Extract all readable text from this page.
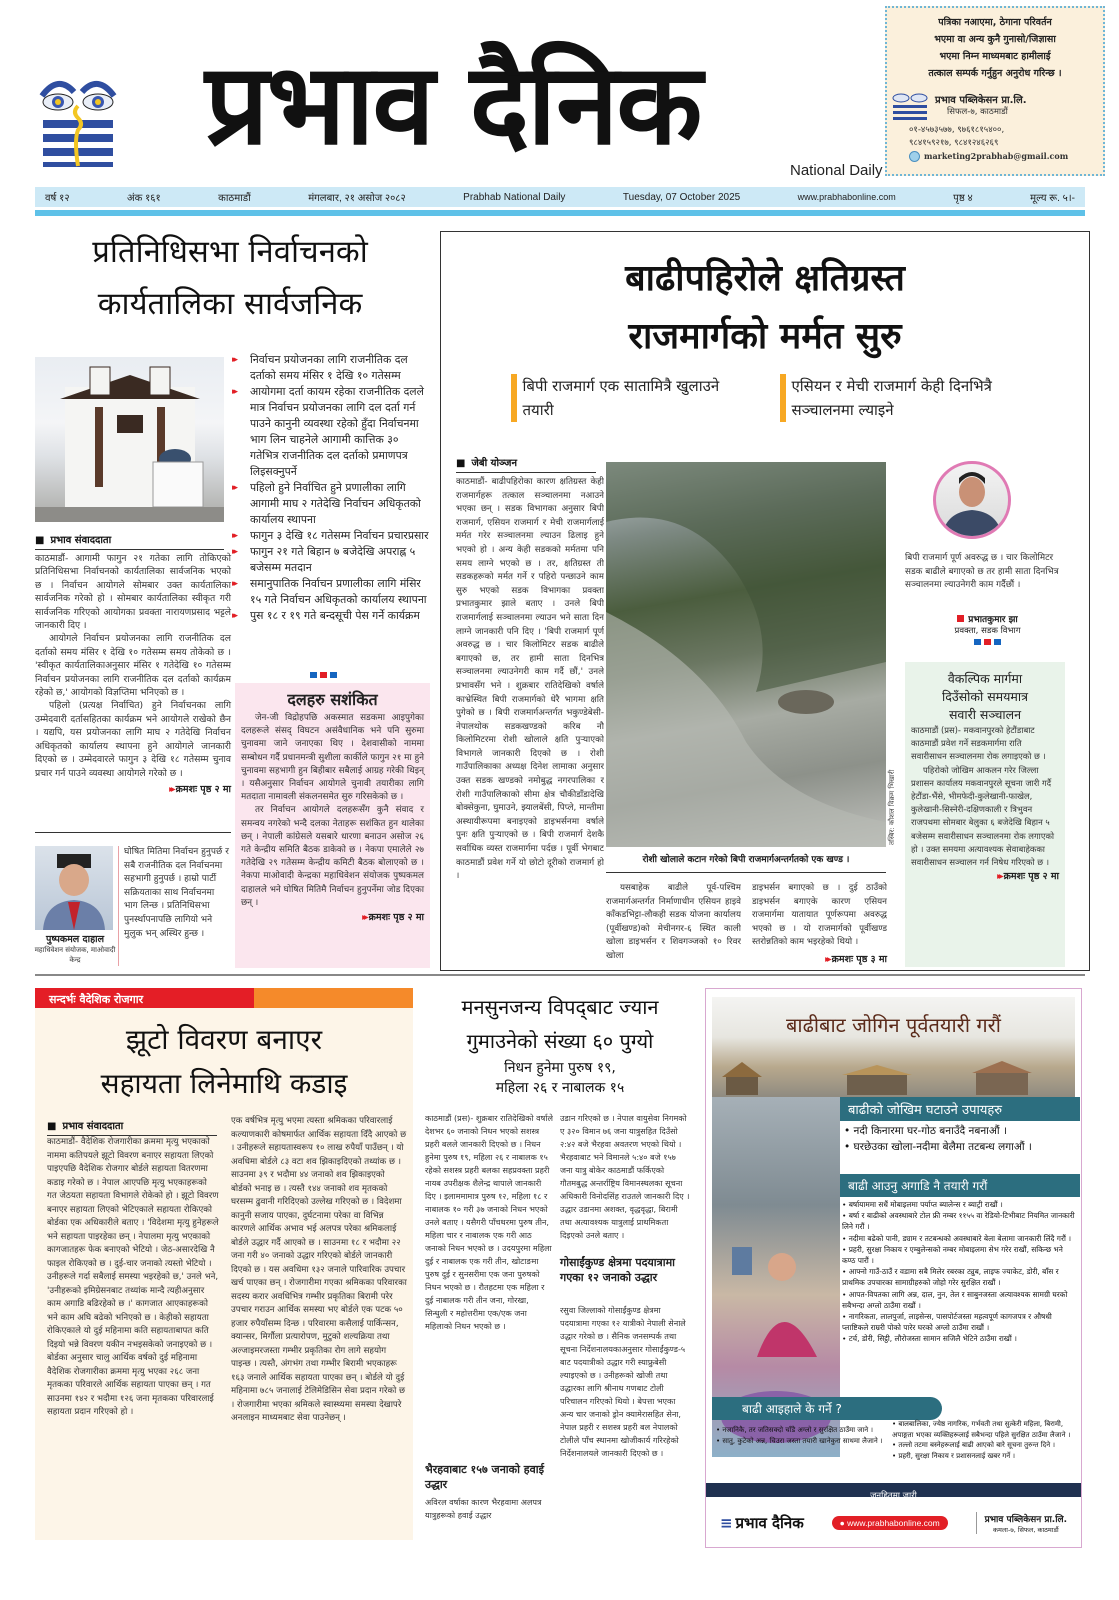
प्रभाव दैनिक
National Daily
पत्रिका नआएमा, ठेगाना परिवर्तन
भएमा वा अन्य कुनै गुनासो/जिज्ञासा
भएमा निम्न माध्यमबाट हामीलाई
तत्काल सम्पर्क गर्नुहुन अनुरोध गरिन्छ ।
प्रभाव पब्लिकेसन प्रा.लि.
सिफल-७, काठमाडौं
०१-४५७३५७७, ९७६१८१५४००,
९८४१५९२१७, ९८४१२४६२६९
marketing2prabhab@gmail.com
वर्ष १२	अंक १६१	काठमाडौं	मंगलबार, २१ असोज २०८२	Prabhab National Daily	Tuesday, 07 October 2025	www.prabhabonline.com	पृष्ठ ४	मूल्य रू. ५।-
प्रतिनिधिसभा निर्वाचनको
कार्यतालिका सार्वजनिक
▸▸ निर्वाचन प्रयोजनका लागि राजनीतिक दल दर्ताको समय मंसिर १ देखि १० गतेसम्म
▸▸ आयोगमा दर्ता कायम रहेका राजनीतिक दलले मात्र निर्वाचन प्रयोजनका लागि दल दर्ता गर्न पाउने कानुनी व्यवस्था रहेको हुँदा निर्वाचनमा भाग लिन चाहनेले आगामी कात्तिक ३० गतेभित्र राजनीतिक दल दर्ताको प्रमाणपत्र लिइसक्नुपर्ने
▸▸ पहिलो हुने निर्वाचित हुने प्रणालीका लागि आगामी माघ २ गतेदेखि निर्वाचन अधिकृतको कार्यालय स्थापना
▸▸ फागुन ३ देखि १८ गतेसम्म निर्वाचन प्रचारप्रसार
▸▸ फागुन २१ गते बिहान ७ बजेदेखि अपराह्न ५ बजेसम्म मतदान
▸▸ समानुपातिक निर्वाचन प्रणालीका लागि मंसिर १५ गते निर्वाचन अधिकृतको कार्यालय स्थापना
▸▸ पुस १८ र १९ गते बन्दसूची पेस गर्ने कार्यक्रम
■ प्रभाव संवाददाता

काठमाडौं- आगामी फागुन २१ गतेका लागि तोकिएको प्रतिनिधिसभा निर्वाचनको कार्यतालिका सार्वजनिक भएको छ । निर्वाचन आयोगले सोमबार उक्त कार्यतालिका सार्वजनिक गरेको हो । सोमबार कार्यतालिका स्वीकृत गरी सार्वजनिक गरिएको आयोगका प्रवक्ता नारायणप्रसाद भट्टले जानकारी दिए ।

आयोगले निर्वाचन प्रयोजनका लागि राजनीतिक दल दर्ताको समय मंसिर १ देखि १० गतेसम्म समय तोकेको छ । 'स्वीकृत कार्यतालिकाअनुसार मंसिर १ गतेदेखि १० गतेसम्म निर्वाचन प्रयोजनका लागि राजनीतिक दल दर्ताको कार्यक्रम रहेको छ,' आयोगको विज्ञप्तिमा भनिएको छ ।

पहिलो (प्रत्यक्ष निर्वाचित) हुने निर्वाचनका लागि उम्मेदवारी दर्तासहितका कार्यक्रम भने आयोगले राखेको छैन । यद्यपि, यस प्रयोजनका लागि माघ २ गतेदेखि निर्वाचन अधिकृतको कार्यालय स्थापना हुने आयोगले जानकारी दिएको छ । उम्मेदवारले फागुन ३ देखि १८ गतेसम्म चुनाव प्रचार गर्न पाउने व्यवस्था आयोगले गरेको छ ।

▸▸ क्रमशः पृष्ठ २ मा
पुष्पकमल दाहाल
महाधिवेशन संयोजक, माओवादी केन्द्र

घोषित मितिमा निर्वाचन हुनुपर्छ र सबै राजनीतिक दल निर्वाचनमा सहभागी हुनुपर्छ । हाम्रो पार्टी सक्रियताका साथ निर्वाचनमा भाग लिन्छ । प्रतिनिधिसभा पुनर्स्थापनापछि लागियो भने मुलुक भन् अस्थिर हुन्छ ।

दलहरु सशंकित

जेन-जी विद्रोहपछि अकस्मात सडकमा आइपुगेका दलहरूले संसद् विघटन असंवैधानिक भने पनि सुरुमा चुनावमा जाने जनाएका थिए । देशवासीको नाममा सम्बोधन गर्दै प्रधानमन्त्री सुशीला कार्कीले फागुन २१ मा हुने चुनावमा सहभागी हुन बिहीबार सबैलाई आग्रह गरेकी थिइन् । यसैअनुसार निर्वाचन आयोगले चुनावी तयारीका लागि मतदाता नामावली संकलनसमेत सुरु गरिसकेको छ ।

तर निर्वाचन आयोगले दलहरूसँग कुनै संवाद र समन्वय नगरेको भन्दै दलका नेताहरू सशंकित हुन थालेका छन् । नेपाली कांग्रेसले यसबारे धारणा बनाउन असोज २६ गते केन्द्रीय समिति बैठक डाकेको छ । नेकपा एमालेले २७ गतेदेखि २९ गतेसम्म केन्द्रीय कमिटी बैठक बोलाएको छ । नेकपा माओवादी केन्द्रका महाधिवेशन संयोजक पुष्पकमल दाहालले भने घोषित मितिमै निर्वाचन हुनुपर्नेमा जोड दिएका छन् ।

▸▸ क्रमशः पृष्ठ २ मा
बाढीपहिरोले क्षतिग्रस्त
राजमार्गको मर्मत सुरु
बिपी राजमार्ग एक सातामित्रै खुलाउने तयारी
एसियन र मेची राजमार्ग केही दिनभित्रै सञ्चालनमा ल्याइने
■ जेबी योञ्जन

काठमाडौं- बाढीपहिरोका कारण क्षतिग्रस्त केही राजमार्गहरू तत्काल सञ्चालनमा नआउने भएका छन् । सडक विभागका अनुसार बिपी राजमार्ग, एसियन राजमार्ग र मेची राजमार्गलाई मर्मत गरेर सञ्चालनमा ल्याउन ढिलाइ हुने भएको हो । अन्य केही सडकको मर्मतमा पनि समय लाग्ने भएको छ । तर, क्षतिग्रस्त ती सडकहरूको मर्मत गर्ने र पहिरो पन्छाउने काम सुरु भएको सडक विभागका प्रवक्ता प्रभातकुमार झाले बताए । उनले बिपी राजमार्गलाई सञ्चालनमा ल्याउन भने साता दिन लाग्ने जानकारी पनि दिए । 'बिपी राजमार्ग पूर्ण अवरुद्ध छ । चार किलोमिटर सडक बाढीले बगाएको छ, तर हामी साता दिनभित्र सञ्चालनमा ल्याउनेगरी काम गर्दै छौं,' उनले प्रभावसँग भने । शुक्रबार रातिदेखिको वर्षाले काभ्रेस्थित बिपी राजमार्गको धेरै भागमा क्षति पुगेको छ । बिपी राजमार्गअन्तर्गत भकुण्डेबेसी-नेपालथोक सडकखण्डको करिब नौ किलोमिटरमा रोशी खोलाले क्षति पुर्‍याएको विभागले जानकारी दिएको छ । रोशी गाउँपालिकाका अध्यक्ष दिनेश लामाका अनुसार उक्त सडक खण्डको नमोबुद्ध नगरपालिका र रोशी गाउँपालिकाको सीमा क्षेत्र चौकीडाँडादेखि बोक्सेकुना, घुमाउने, झ्यालबेंसी, पिप्ले, मान्तीमा अस्थायीरूपमा बनाइएको डाइभर्सनमा वर्षाले पुनः क्षति पुर्‍याएको छ । बिपी राजमार्ग देशकै सर्वाधिक व्यस्त राजमार्गमा पर्दछ । पूर्वी भेगबाट काठमाडौं प्रवेश गर्ने यो छोटो दूरीको राजमार्ग हो ।

तस्बिर: कौशल विक्रम भिखारी
रोशी खोलाले कटान गरेको बिपी राजमार्गअन्तर्गतको एक खण्ड ।

यसबाहेक बाढीले पूर्व-पश्चिम राजमार्गअन्तर्गत निर्माणाधीन एसियन हाइवे काँकडभिट्टा-लौकही सडक योजना कार्यालय (पूर्वीखण्ड)को मेचीनगर-६ स्थित काली खोला डाइभर्सन र शिवगञ्जको १० रिवर खोला

डाइभर्सन बगाएको छ । दुई ठाउँको डाइभर्सन बगाएके कारण एसियन राजमार्गमा यातायात पूर्णरूपमा अवरुद्ध भएको छ । यो राजमार्गको पूर्वीखण्ड स्तरोन्नतिको काम भइरहेको थियो ।

▸▸ क्रमशः पृष्ठ ३ मा

बिपी राजमार्ग पूर्ण अवरुद्ध छ । चार किलोमिटर सडक बाढीले बगाएको छ तर हामी साता दिनभित्र सञ्चालनमा ल्याउनेगरी काम गर्दैछौं ।

प्रभातकुमार झा
प्रवक्ता, सडक विभाग
वैकल्पिक मार्गमा
दिउँसोको समयमात्र
सवारी सञ्चालन

काठमाडौं (प्रस)- मकवानपुरको हेटौंडाबाट काठमाडौं प्रवेश गर्ने सडकमार्गमा राति सवारीसाधन सञ्चालनमा रोक लगाइएको छ ।

पहिरोको जोखिम आकलन गरेर जिल्ला प्रशासन कार्यालय मकवानपुरले सूचना जारी गर्दै हेटौंडा-भैंसे, भीमफेदी-कुलेखानी-फाखेल, कुलेखानी-सिस्नेरी-दक्षिणकाली र त्रिभुवन राजपथमा सोमबार बेलुका ६ बजेदेखि बिहान ५ बजेसम्म सवारीसाधन सञ्चालनमा रोक लगाएको हो । उक्त समयमा अत्यावश्यक सेवाबाहेकका सवारीसाधन सञ्चालन गर्न निषेध गरिएको छ ।

▸▸ क्रमशः पृष्ठ २ मा
सन्दर्भः वैदेशिक रोजगार
झूटो विवरण बनाएर
सहायता लिनेमाथि कडाइ
■ प्रभाव संवाददाता

काठमाडौं- वैदेशिक रोजगारीका क्रममा मृत्यु भएकाको नाममा कतिपयले झूटो विवरण बनाएर सहायता लिएको पाइएपछि वैदेशिक रोजगार बोर्डले सहायता वितरणमा कडाइ गरेको छ । नेपाल आएपछि मृत्यु भएकाहरूको गत जेठयता सहायता विभागले रोकेको हो । झूटो विवरण बनाएर सहायता लिएको भेटिएकाले सहायता रोकिएको बोर्डका एक अधिकारीले बताए । 'विदेशमा मृत्यु हुनेहरूले भने सहायता पाइरहेका छन् । नेपालमा मृत्यु भएकाको कागजातहरू फेक बनाएको भेटियो । जेठ-असारदेखि नै फाइल रोकिएको छ । दुई-चार जनाको त्यस्तो भेटियो । उनीहरूले गर्दा सबैलाई समस्या भइरहेको छ,' उनले भने, 'उनीहरूको इमिग्रेसनबाट तथ्यांक मान्दै त्यहीअनुसार काम अगाडि बढिरहेको छ ।' कागजात आएकाहरूको भने काम अघि बढेको भनिएको छ । केहीको सहायता रोकिएकाले यो दुई महिनामा कति सहायताबापत कति दिइयो भन्ने विवरण यकीन नभइसकेको जनाइएको छ । बोर्डका अनुसार चालु आर्थिक वर्षको दुई महिनामा वैदेशिक रोजगारीका क्रममा मृत्यु भएका २६८ जना मृतकका परिवारले आर्थिक सहायता पाएका छन् । गत साउनमा १४२ र भदौमा १२६ जना मृतकका परिवारलाई सहायता प्रदान गरिएको हो ।

एक वर्षभित्र मृत्यु भएमा त्यस्ता श्रमिकका परिवारलाई कल्याणकारी कोषमार्फत आर्थिक सहायता दिँदै आएको छ । उनीहरूले सहायतास्वरूप १० लाख रुपैयाँ पाउँछन् । यो अवधिमा बोर्डले ८३ वटा शव झिकाइदिएको तथ्यांक छ । साउनमा ३९ र भदौमा ४४ जनाको शव झिकाइएको बोर्डको भनाइ छ । त्यस्तै १४४ जनाको शव मृतकको घरसम्म ढुवानी गरिदिएको उल्लेख गरिएको छ । विदेशमा कानुनी सजाय पाएका, दुर्घटनामा परेका वा विभिन्न कारणले आर्थिक अभाव भई अलपत्र परेका श्रमिकलाई बोर्डले उद्धार गर्दै आएको छ । साउनमा १८ र भदौमा २२ जना गरी ४० जनाको उद्धार गरिएको बोर्डले जानकारी दिएको छ । यस अवधिमा १३२ जनाले पारिवारिक उपचार खर्च पाएका छन् । रोजगारीमा गएका श्रमिकका परिवारका सदस्य करार अवधिभित्र गम्भीर प्रकृतिका बिरामी परेर उपचार गराउन आर्थिक समस्या भए बोर्डले एक पटक ५० हजार रुपैयाँसम्म दिन्छ । परिवारमा कसैलाई पार्किन्सन, क्यान्सर, मिर्गौला प्रत्यारोपण, मुटुको शल्यक्रिया तथा अल्जाइमरजस्ता गम्भीर प्रकृतिका रोग लागे सहयोग पाइन्छ । त्यस्तै, अंगभंग तथा गम्भीर बिरामी भएकाहरू १६३ जनाले आर्थिक सहायता पाएका छन् । बोर्डले यो दुई महिनामा ७८५ जनालाई टेलिमेडिसिन सेवा प्रदान गरेको छ । रोजगारीमा भएका श्रमिकले स्वास्थ्यमा समस्या देखापरे अनलाइन माध्यमबाट सेवा पाउनेछन् ।

मनसुनजन्य विपद्‌बाट ज्यान
गुमाउनेको संख्या ६० पुग्यो
निधन हुनेमा पुरुष १९,
महिला २६ र नाबालक १५

काठमाडौं (प्रस)- शुक्रबार रातिदेखिको वर्षाले देशभर ६० जनाको निधन भएको सशस्त्र प्रहरी बलले जानकारी दिएको छ । निधन हुनेमा पुरुष १९, महिला २६ र नाबालक १५ रहेको सशस्त्र प्रहरी बलका सहप्रवक्ता प्रहरी नायब उपरीक्षक शैलेन्द्र थापाले जानकारी दिए । इलाममामात्र पुरुष १२, महिला १८ र नाबालक १० गरी ३७ जनाको निधन भएको उनले बताए । यसैगरी पाँचथरमा पुरुष तीन, महिला चार र नाबालक एक गरी आठ जनाको निधन भएको छ । उदयपुरमा महिला दुई र नाबालक एक गरी तीन, खोटाङमा पुरुष दुई र सुनसरीमा एक जना पुरुषको निधन भएको छ । रौतहटमा एक महिला र दुई नाबालक गरी तीन जना, गोरखा, सिन्धुली र महोत्तरीमा एक/एक जना महिलाको निधन भएको छ ।

भैरहवाबाट १५७ जनाको हवाई उद्धार

अविरल वर्षाका कारण भैरहवामा अलपत्र यात्रुहरूको हवाई उद्धार

उडान गरिएको छ । नेपाल वायुसेवा निगमको ए ३२० विमान ७६ जना यात्रुसहित दिउँसो २:४२ बजे भैरहवा अवतरण भएको थियो । भैरहवाबाट भने विमानले ५:४० बजे १५७ जना यात्रु बोकेर काठमाडौं फर्किएको गौतमबुद्ध अन्तर्राष्ट्रिय विमानस्थलका सूचना अधिकारी विनोदसिंह राउतले जानकारी दिए । उद्धार उडानमा अशक्त, वृद्धवृद्धा, बिरामी तथा अत्यावश्यक यात्रुलाई प्राथमिकता दिइएको उनले बताए ।

गोसाईंकुण्ड क्षेत्रमा पदयात्रामा गएका १२ जनाको उद्धार

रसुवा जिल्लाको गोसाईंकुण्ड क्षेत्रमा पदयात्रामा गएका १२ यात्रीको नेपाली सेनाले उद्धार गरेको छ । सैनिक जनसम्पर्क तथा सूचना निर्देशनालयकाअनुसार गोसाईंकुण्ड-५ बाट पदयात्रीको उद्धार गरी स्याफ्रुबेसी ल्याइएको छ । उनीहरूको खोजी तथा उद्धारका लागि श्रीनाथ गणबाट टोली परिचालन गरिएको थियो । बेपत्ता भएका अन्य चार जनाको ड्रोन क्यामेरासहित सेना, नेपाल प्रहरी र सशस्त्र प्रहरी बल नेपालको टोलीले पाँच स्थानमा खोजीकार्य गरिरहेको निर्देशनालयले जानकारी दिएको छ ।

बाढीबाट जोगिन पूर्वतयारी गरौं
बाढीको जोखिम घटाउने उपायहरु
• नदी किनारमा घर-गोठ बनाउँदै नबनाऔं ।
• घरछेउका खोला-नदीमा बेलैमा तटबन्ध लगाऔं ।
बाढी आउनु अगाडि नै तयारी गरौं
• बर्षायाममा सधैं मोबाइलमा पर्याप्त ब्यालेन्स र ब्याट्री राखौं ।
• बर्षा र बाढीको अवस्थाबारे टोल फ्री नम्बर ११५५ वा रेडियो-टिभीबाट नियमित जानकारी लिने गरौं ।
• नदीमा बढेको पानी, ड्याम र तटबन्धको अवस्थाबारे बेला बेलामा जानकारी लिंदै गरौं ।
• प्रहरी, सुरक्षा निकाय र एम्बुलेन्सको नम्बर मोबाइलमा सेभ गरेर राखौं, सकिन्छ भने कण्ठ पारौं ।
• आफ्नो गाउँ-ठाउँ र वडामा सबै मिलेर रबरका ट्युब, लाइफ ज्याकेट, डोरी, बाँस र प्राथमिक उपचारका सामाग्रीहरुको जोहो गरेर सुरक्षित राखौं ।
• आपत-विपतका लागि अन्न, दाल, नुन, तेल र साबुनजस्ता अत्यावश्यक सामग्री घरको सबैभन्दा अग्लो ठाउँमा राखौं ।
• नागरिकता, लालपुर्जा, लाइसेन्स, पासपोर्टजस्ता महत्वपूर्ण कागजपत्र र औषधी प्लाष्टिकले राम्ररी पोको पारेर घरको अग्लो ठाउँमा राखौं ।
• टर्च, डोरी, सिट्ठी, लौरोजस्ता सामान सजिलै भेटिने ठाउँमा राखौं ।
बाढी आइहाले के गर्ने ?
• नजानिकै, तर जतिसक्दो चाँडै अग्लो र सुरक्षित ठाउँमा जाने ।
• सातु, कुटेको अन्न, चिउरा जस्ता तयारी खानेकुरा साथमा लैजाने ।
• बालबालिका, ज्येष्ठ नागरिक, गर्भवती तथा सुत्केरी महिला, बिरामी, अपाङ्गता भएका व्यक्तिहरूलाई सबैभन्दा पहिले सुरक्षित ठाउँमा लैजाने ।
• तल्लो तटमा बस्नेहरूलाई बाढी आएको बारे सूचना तुरुन्त दिने ।
• प्रहरी, सुरक्षा निकाय र प्रशासनलाई खबर गर्ने ।
जनहितमा जारी
≡ प्रभाव दैनिक	● www.prabhabonline.com	प्रभाव पब्लिकेसन प्रा.लि.
कमला-७, सिफल, काठमाडौं
